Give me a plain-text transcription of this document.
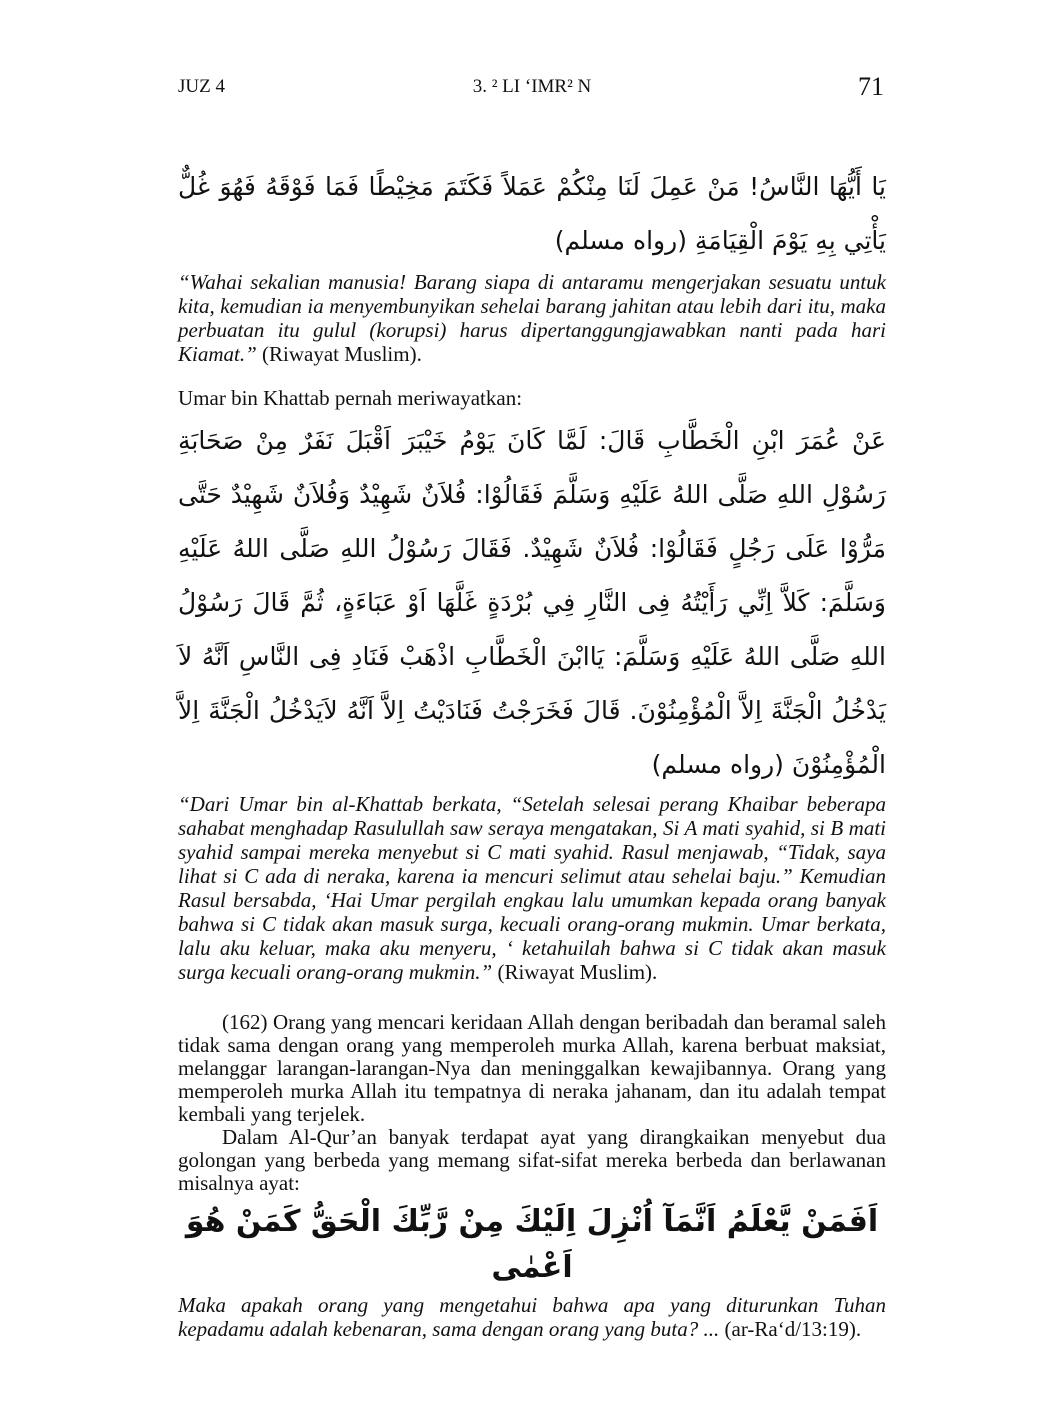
JUZ 4	3. ² LI ‘IMR² N	71

يَا أَيُّهَا النَّاسُ! مَنْ عَمِلَ لَنَا مِنْكُمْ عَمَلاً فَكَتَمَ مَخِيْطًا فَمَا فَوْقَهُ فَهُوَ غُلٌّ يَأْتِي بِهِ يَوْمَ الْقِيَامَةِ (رواه مسلم)

“Wahai sekalian manusia! Barang siapa di antaramu mengerjakan sesuatu untuk kita, kemudian ia menyembunyikan sehelai barang jahitan atau lebih dari itu, maka perbuatan itu gulul (korupsi) harus dipertanggungjawabkan nanti pada hari Kiamat.” (Riwayat Muslim).

Umar bin Khattab pernah meriwayatkan:

عَنْ عُمَرَ ابْنِ الْخَطَّابِ قَالَ: لَمَّا كَانَ يَوْمُ خَيْبَرَ اَقْبَلَ نَفَرٌ مِنْ صَحَابَةِ رَسُوْلِ اللهِ صَلَّى اللهُ عَلَيْهِ وَسَلَّمَ فَقَالُوْا: فُلاَنٌ شَهِيْدٌ وَفُلاَنٌ شَهِيْدٌ حَتَّى مَرُّوْا عَلَى رَجُلٍ فَقَالُوْا: فُلاَنٌ شَهِيْدٌ. فَقَالَ رَسُوْلُ اللهِ صَلَّى اللهُ عَلَيْهِ وَسَلَّمَ: كَلاَّ اِنِّي رَأَيْتُهُ فِى النَّارِ فِي بُرْدَةٍ غَلَّهَا اَوْ عَبَاءَةٍ، ثُمَّ قَالَ رَسُوْلُ اللهِ صَلَّى اللهُ عَلَيْهِ وَسَلَّمَ: يَاابْنَ الْخَطَّابِ اذْهَبْ فَنَادِ فِى النَّاسِ اَنَّهُ لاَ يَدْخُلُ الْجَنَّةَ اِلاَّ الْمُؤْمِنُوْنَ. قَالَ فَخَرَجْتُ فَنَادَيْتُ اِلاَّ اَنَّهُ لاَيَدْخُلُ الْجَنَّةَ اِلاَّ الْمُؤْمِنُوْنَ (رواه مسلم)

“Dari Umar bin al-Khattab berkata, “Setelah selesai perang Khaibar beberapa sahabat menghadap Rasulullah saw seraya mengatakan, Si A mati syahid, si B mati syahid sampai mereka menyebut si C mati syahid. Rasul menjawab, “Tidak, saya lihat si C ada di neraka, karena ia mencuri selimut atau sehelai baju.” Kemudian Rasul bersabda, ‘Hai Umar pergilah engkau lalu umumkan kepada orang banyak bahwa si C tidak akan masuk surga, kecuali orang-orang mukmin. Umar berkata, lalu aku keluar, maka aku menyeru, ‘ ketahuilah bahwa si C tidak akan masuk surga kecuali orang-orang mukmin.” (Riwayat Muslim).

(162) Orang yang mencari keridaan Allah dengan beribadah dan beramal saleh tidak sama dengan orang yang memperoleh murka Allah, karena berbuat maksiat, melanggar larangan-larangan-Nya dan meninggalkan kewajibannya. Orang yang memperoleh murka Allah itu tempatnya di neraka jahanam, dan itu adalah tempat kembali yang terjelek.

Dalam Al-Qur’an banyak terdapat ayat yang dirangkaikan menyebut dua golongan yang berbeda yang memang sifat-sifat mereka berbeda dan berlawanan misalnya ayat:

اَفَمَنْ يَّعْلَمُ اَنَّمَآ اُنْزِلَ اِلَيْكَ مِنْ رَّبِّكَ الْحَقُّ كَمَنْ هُوَ اَعْمٰى

Maka apakah orang yang mengetahui bahwa apa yang diturunkan Tuhan kepadamu adalah kebenaran, sama dengan orang yang buta? ... (ar-Ra‘d/13:19).
